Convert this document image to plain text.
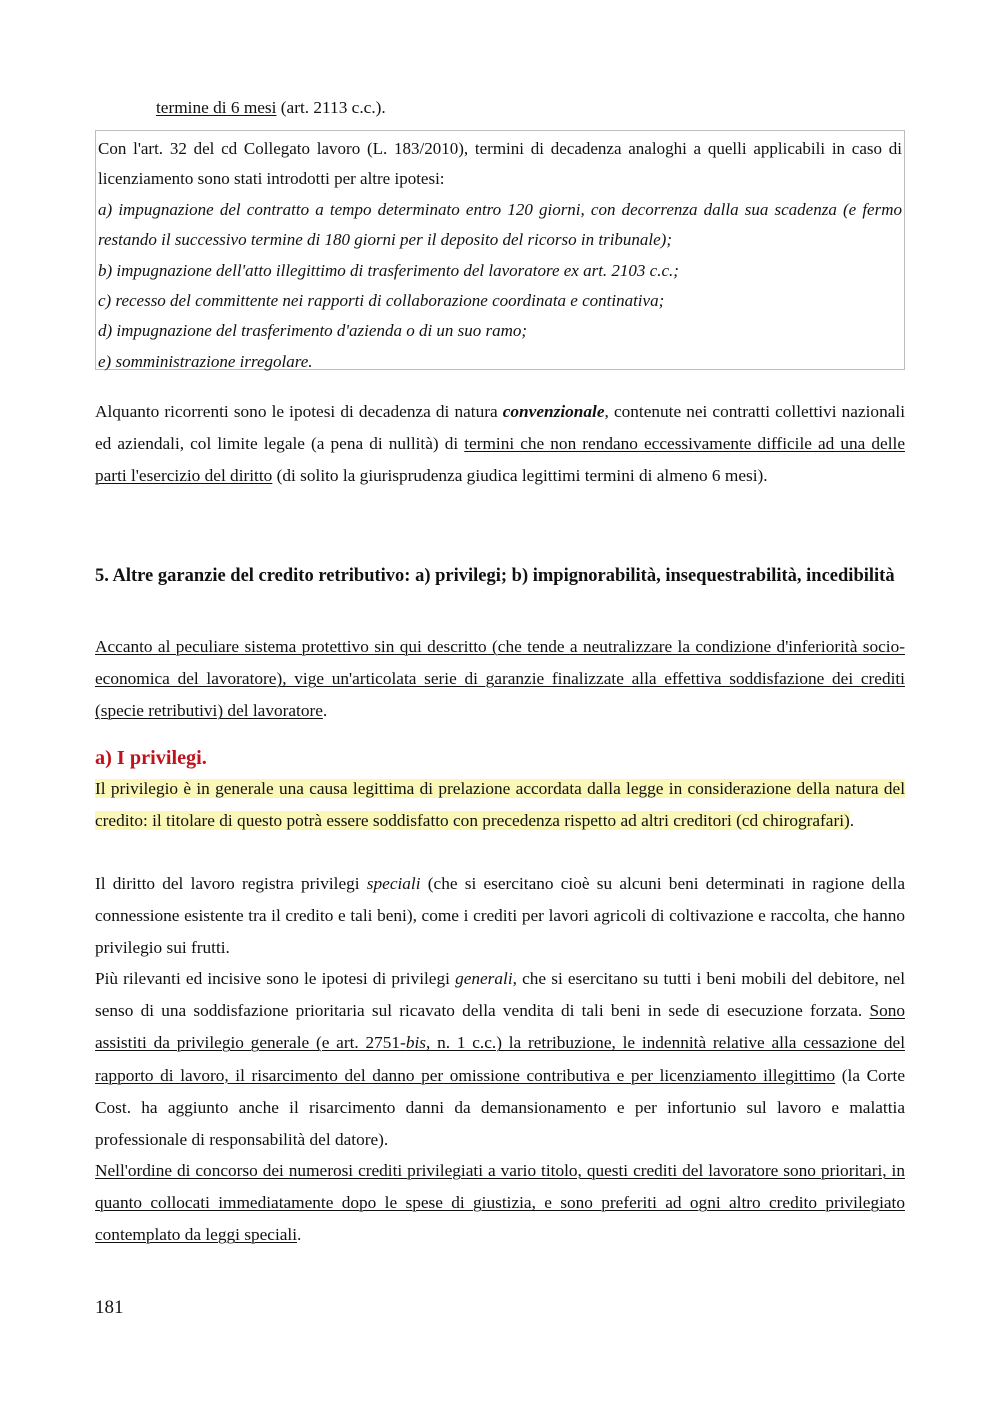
termine di 6 mesi (art. 2113 c.c.).

Con l'art. 32 del cd Collegato lavoro (L. 183/2010), termini di decadenza analoghi a quelli applicabili in caso di licenziamento sono stati introdotti per altre ipotesi:

a) impugnazione del contratto a tempo determinato entro 120 giorni, con decorrenza dalla sua scadenza (e fermo restando il successivo termine di 180 giorni per il deposito del ricorso in tribunale);

b) impugnazione dell'atto illegittimo di trasferimento del lavoratore ex art. 2103 c.c.;

c) recesso del committente nei rapporti di collaborazione coordinata e continativa;

d) impugnazione del trasferimento d'azienda o di un suo ramo;

e) somministrazione irregolare.

Alquanto ricorrenti sono le ipotesi di decadenza di natura convenzionale, contenute nei contratti collettivi nazionali ed aziendali, col limite legale (a pena di nullità) di termini che non rendano eccessivamente difficile ad una delle parti l'esercizio del diritto (di solito la giurisprudenza giudica legittimi termini di almeno 6 mesi).

5. Altre garanzie del credito retributivo: a) privilegi; b) impignorabilità, insequestrabilità, incedibilità

Accanto al peculiare sistema protettivo sin qui descritto (che tende a neutralizzare la condizione d'inferiorità socio-economica del lavoratore), vige un'articolata serie di garanzie finalizzate alla effettiva soddisfazione dei crediti (specie retributivi) del lavoratore.

a) I privilegi.

Il privilegio è in generale una causa legittima di prelazione accordata dalla legge in considerazione della natura del credito: il titolare di questo potrà essere soddisfatto con precedenza rispetto ad altri creditori (cd chirografari).

Il diritto del lavoro registra privilegi speciali (che si esercitano cioè su alcuni beni determinati in ragione della connessione esistente tra il credito e tali beni), come i crediti per lavori agricoli di coltivazione e raccolta, che hanno privilegio sui frutti.

Più rilevanti ed incisive sono le ipotesi di privilegi generali, che si esercitano su tutti i beni mobili del debitore, nel senso di una soddisfazione prioritaria sul ricavato della vendita di tali beni in sede di esecuzione forzata. Sono assistiti da privilegio generale (e art. 2751-bis, n. 1 c.c.) la retribuzione, le indennità relative alla cessazione del rapporto di lavoro, il risarcimento del danno per omissione contributiva e per licenziamento illegittimo (la Corte Cost. ha aggiunto anche il risarcimento danni da demansionamento e per infortunio sul lavoro e malattia professionale di responsabilità del datore).

Nell'ordine di concorso dei numerosi crediti privilegiati a vario titolo, questi crediti del lavoratore sono prioritari, in quanto collocati immediatamente dopo le spese di giustizia, e sono preferiti ad ogni altro credito privilegiato contemplato da leggi speciali.

181
